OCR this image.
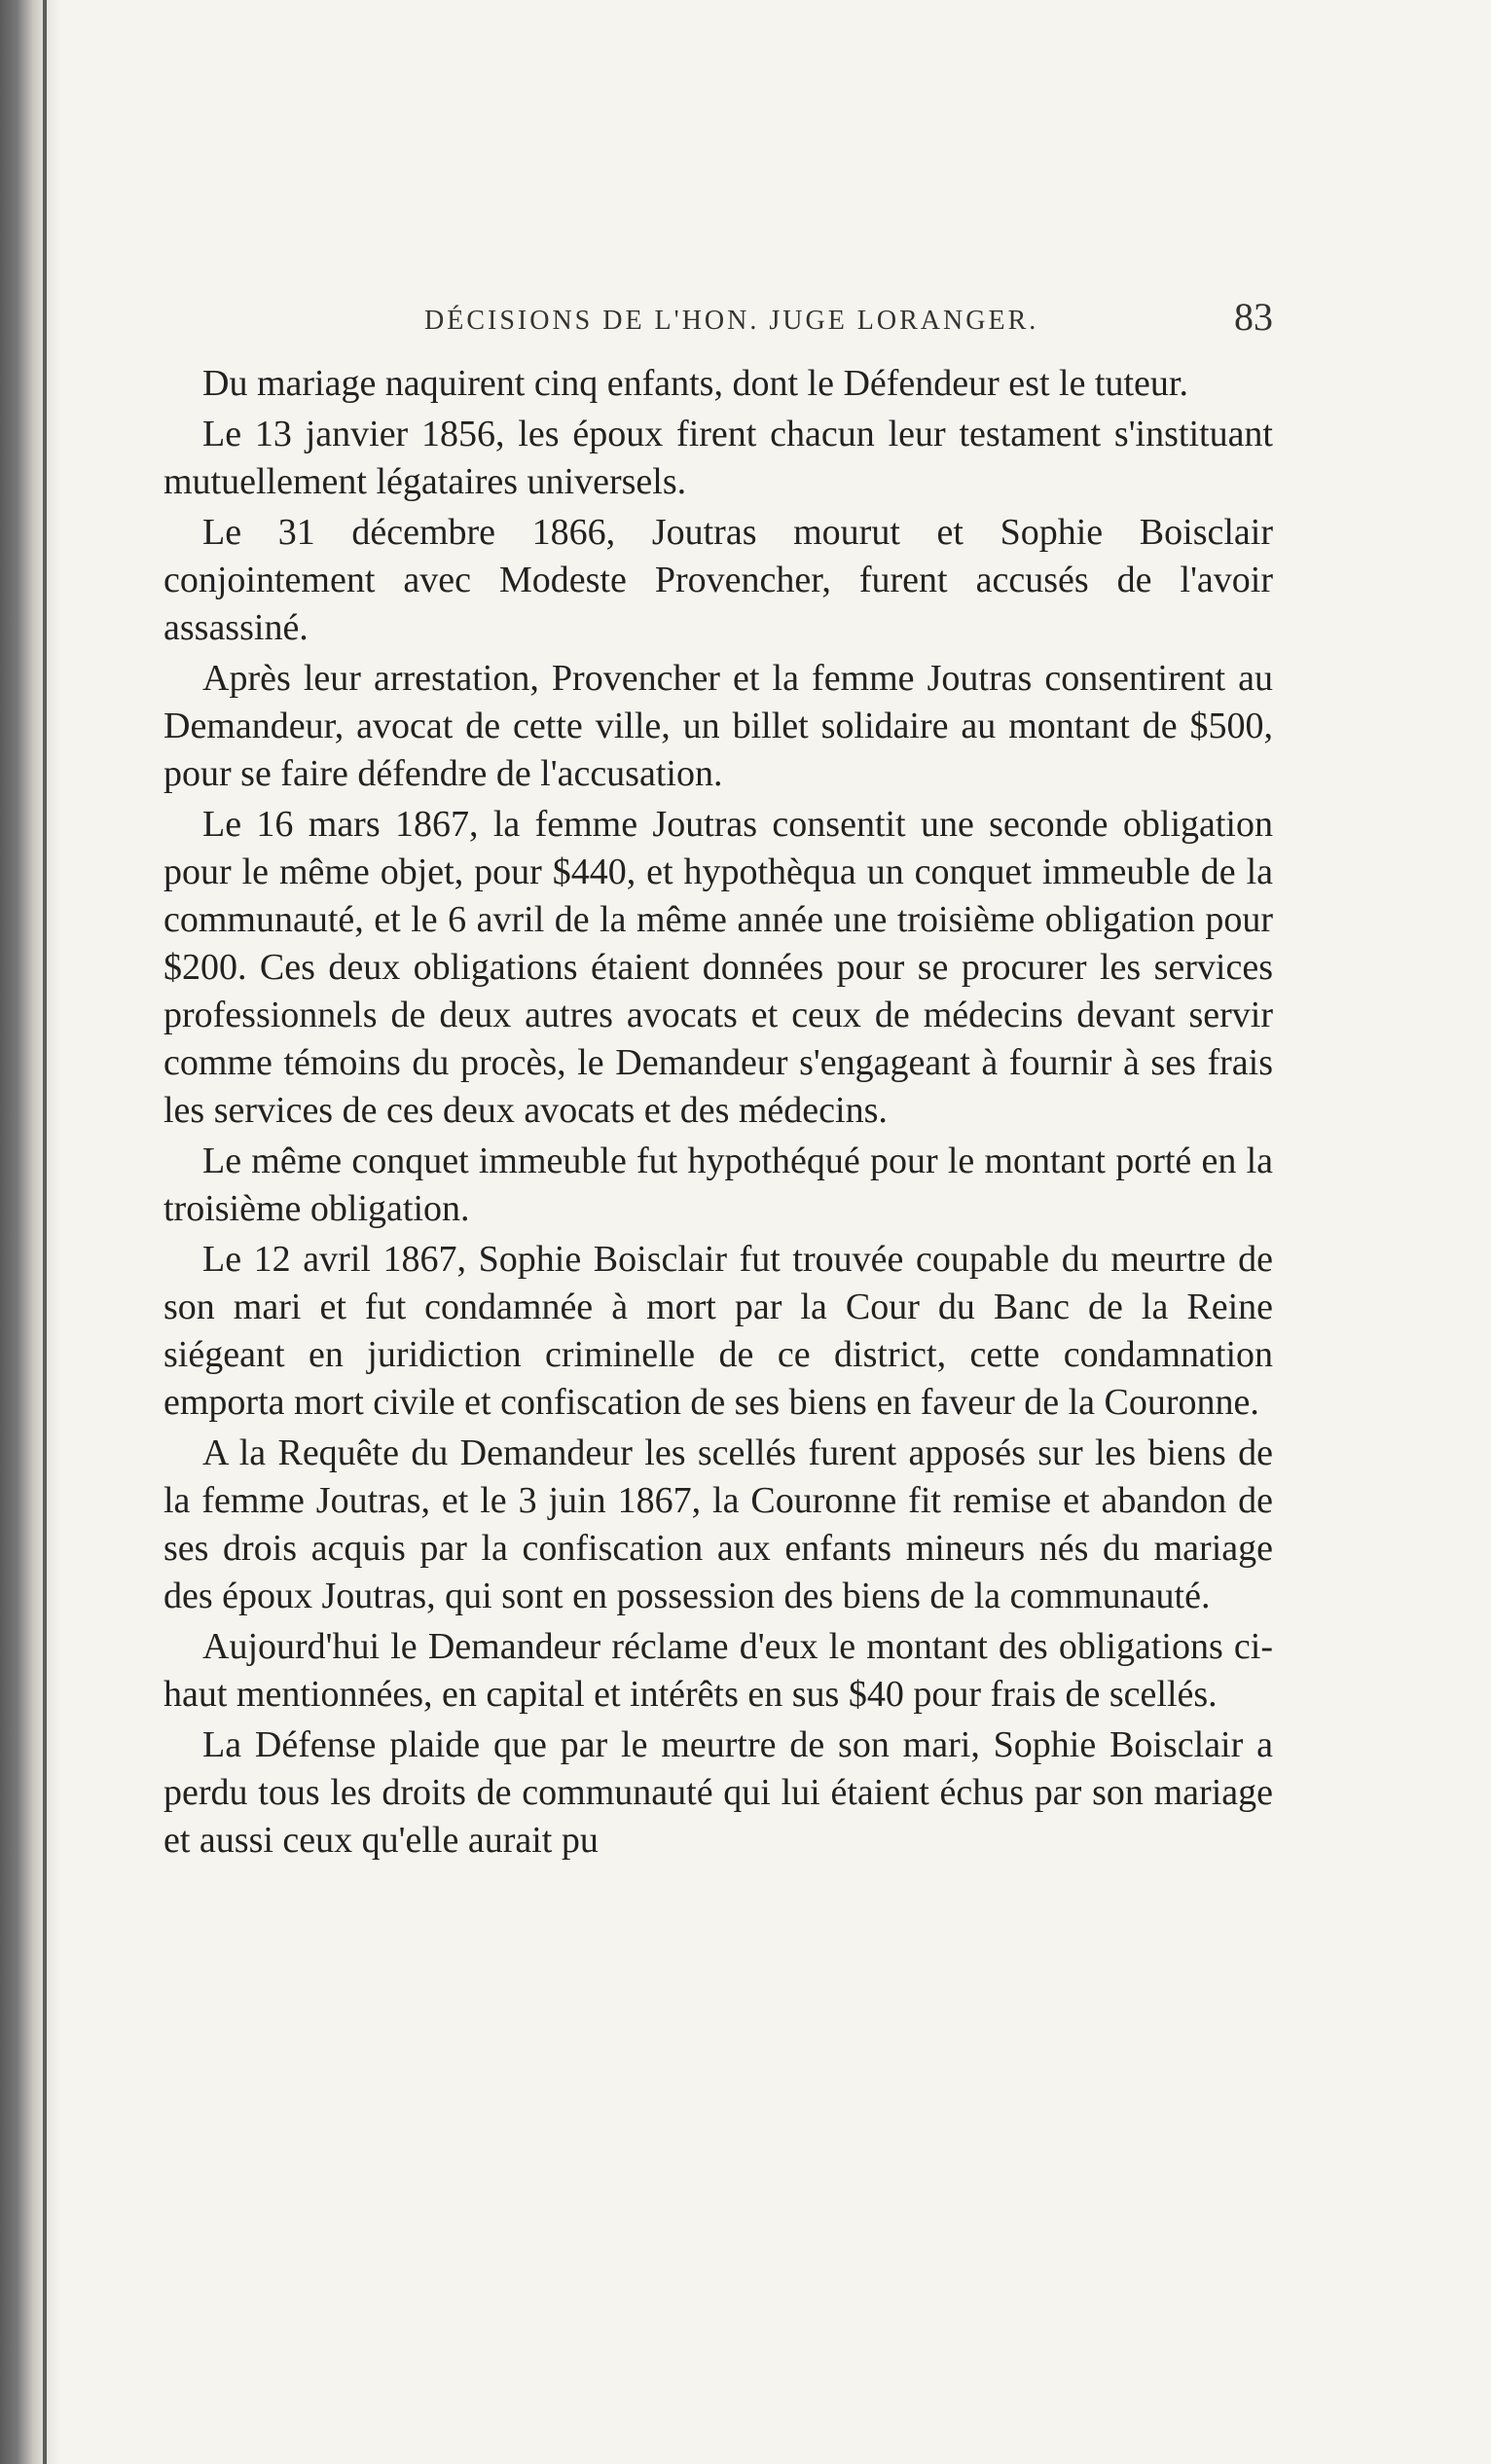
DÉCISIONS DE L'HON. JUGE LORANGER.	83

Du mariage naquirent cinq enfants, dont le Défendeur est le tuteur.

Le 13 janvier 1856, les époux firent chacun leur testament s'instituant mutuellement légataires universels.

Le 31 décembre 1866, Joutras mourut et Sophie Boisclair conjointement avec Modeste Provencher, furent accusés de l'avoir assassiné.

Après leur arrestation, Provencher et la femme Joutras consentirent au Demandeur, avocat de cette ville, un billet solidaire au montant de $500, pour se faire défendre de l'accusation.

Le 16 mars 1867, la femme Joutras consentit une seconde obligation pour le même objet, pour $440, et hypothèqua un conquet immeuble de la communauté, et le 6 avril de la même année une troisième obligation pour $200. Ces deux obligations étaient données pour se procurer les services professionnels de deux autres avocats et ceux de médecins devant servir comme témoins du procès, le Demandeur s'engageant à fournir à ses frais les services de ces deux avocats et des médecins.

Le même conquet immeuble fut hypothéqué pour le montant porté en la troisième obligation.

Le 12 avril 1867, Sophie Boisclair fut trouvée coupable du meurtre de son mari et fut condamnée à mort par la Cour du Banc de la Reine siégeant en juridiction criminelle de ce district, cette condamnation emporta mort civile et confiscation de ses biens en faveur de la Couronne.

A la Requête du Demandeur les scellés furent apposés sur les biens de la femme Joutras, et le 3 juin 1867, la Couronne fit remise et abandon de ses drois acquis par la confiscation aux enfants mineurs nés du mariage des époux Joutras, qui sont en possession des biens de la communauté.

Aujourd'hui le Demandeur réclame d'eux le montant des obligations ci-haut mentionnées, en capital et intérêts en sus $40 pour frais de scellés.

La Défense plaide que par le meurtre de son mari, Sophie Boisclair a perdu tous les droits de communauté qui lui étaient échus par son mariage et aussi ceux qu'elle aurait pu
